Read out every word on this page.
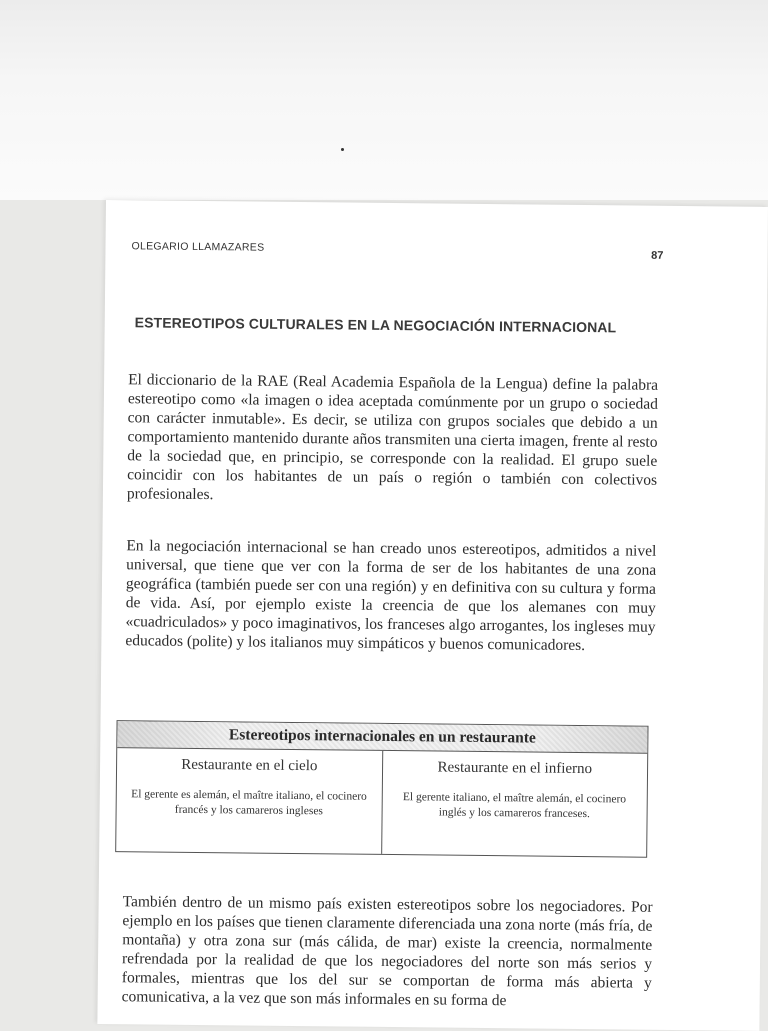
OLEGARIO LLAMAZARES
87
ESTEREOTIPOS CULTURALES EN LA NEGOCIACIÓN INTERNACIONAL

El diccionario de la RAE (Real Academia Española de la Lengua) define la palabra estereotipo como «la imagen o idea aceptada comúnmente por un grupo o sociedad con carácter inmutable». Es decir, se utiliza con grupos sociales que debido a un comportamiento mantenido durante años transmiten una cierta imagen, frente al resto de la sociedad que, en principio, se corresponde con la realidad. El grupo suele coincidir con los habitantes de un país o región o también con colectivos profesionales.

En la negociación internacional se han creado unos estereotipos, admitidos a nivel universal, que tiene que ver con la forma de ser de los habitantes de una zona geográfica (también puede ser con una región) y en definitiva con su cultura y forma de vida. Así, por ejemplo existe la creencia de que los alemanes con muy «cuadriculados» y poco imaginativos, los franceses algo arrogantes, los ingleses muy educados (polite) y los italianos muy simpáticos y buenos comunicadores.

Estereotipos internacionales en un restaurante
Restaurante en el cielo
El gerente es alemán, el maître italiano, el cocinero francés y los camareros ingleses
Restaurante en el infierno
El gerente italiano, el maître alemán, el cocinero inglés y los camareros franceses.

También dentro de un mismo país existen estereotipos sobre los negociadores. Por ejemplo en los países que tienen claramente diferenciada una zona norte (más fría, de montaña) y otra zona sur (más cálida, de mar) existe la creencia, normalmente refrendada por la realidad de que los negociadores del norte son más serios y formales, mientras que los del sur se comportan de forma más abierta y comunicativa, a la vez que son más informales en su forma de
